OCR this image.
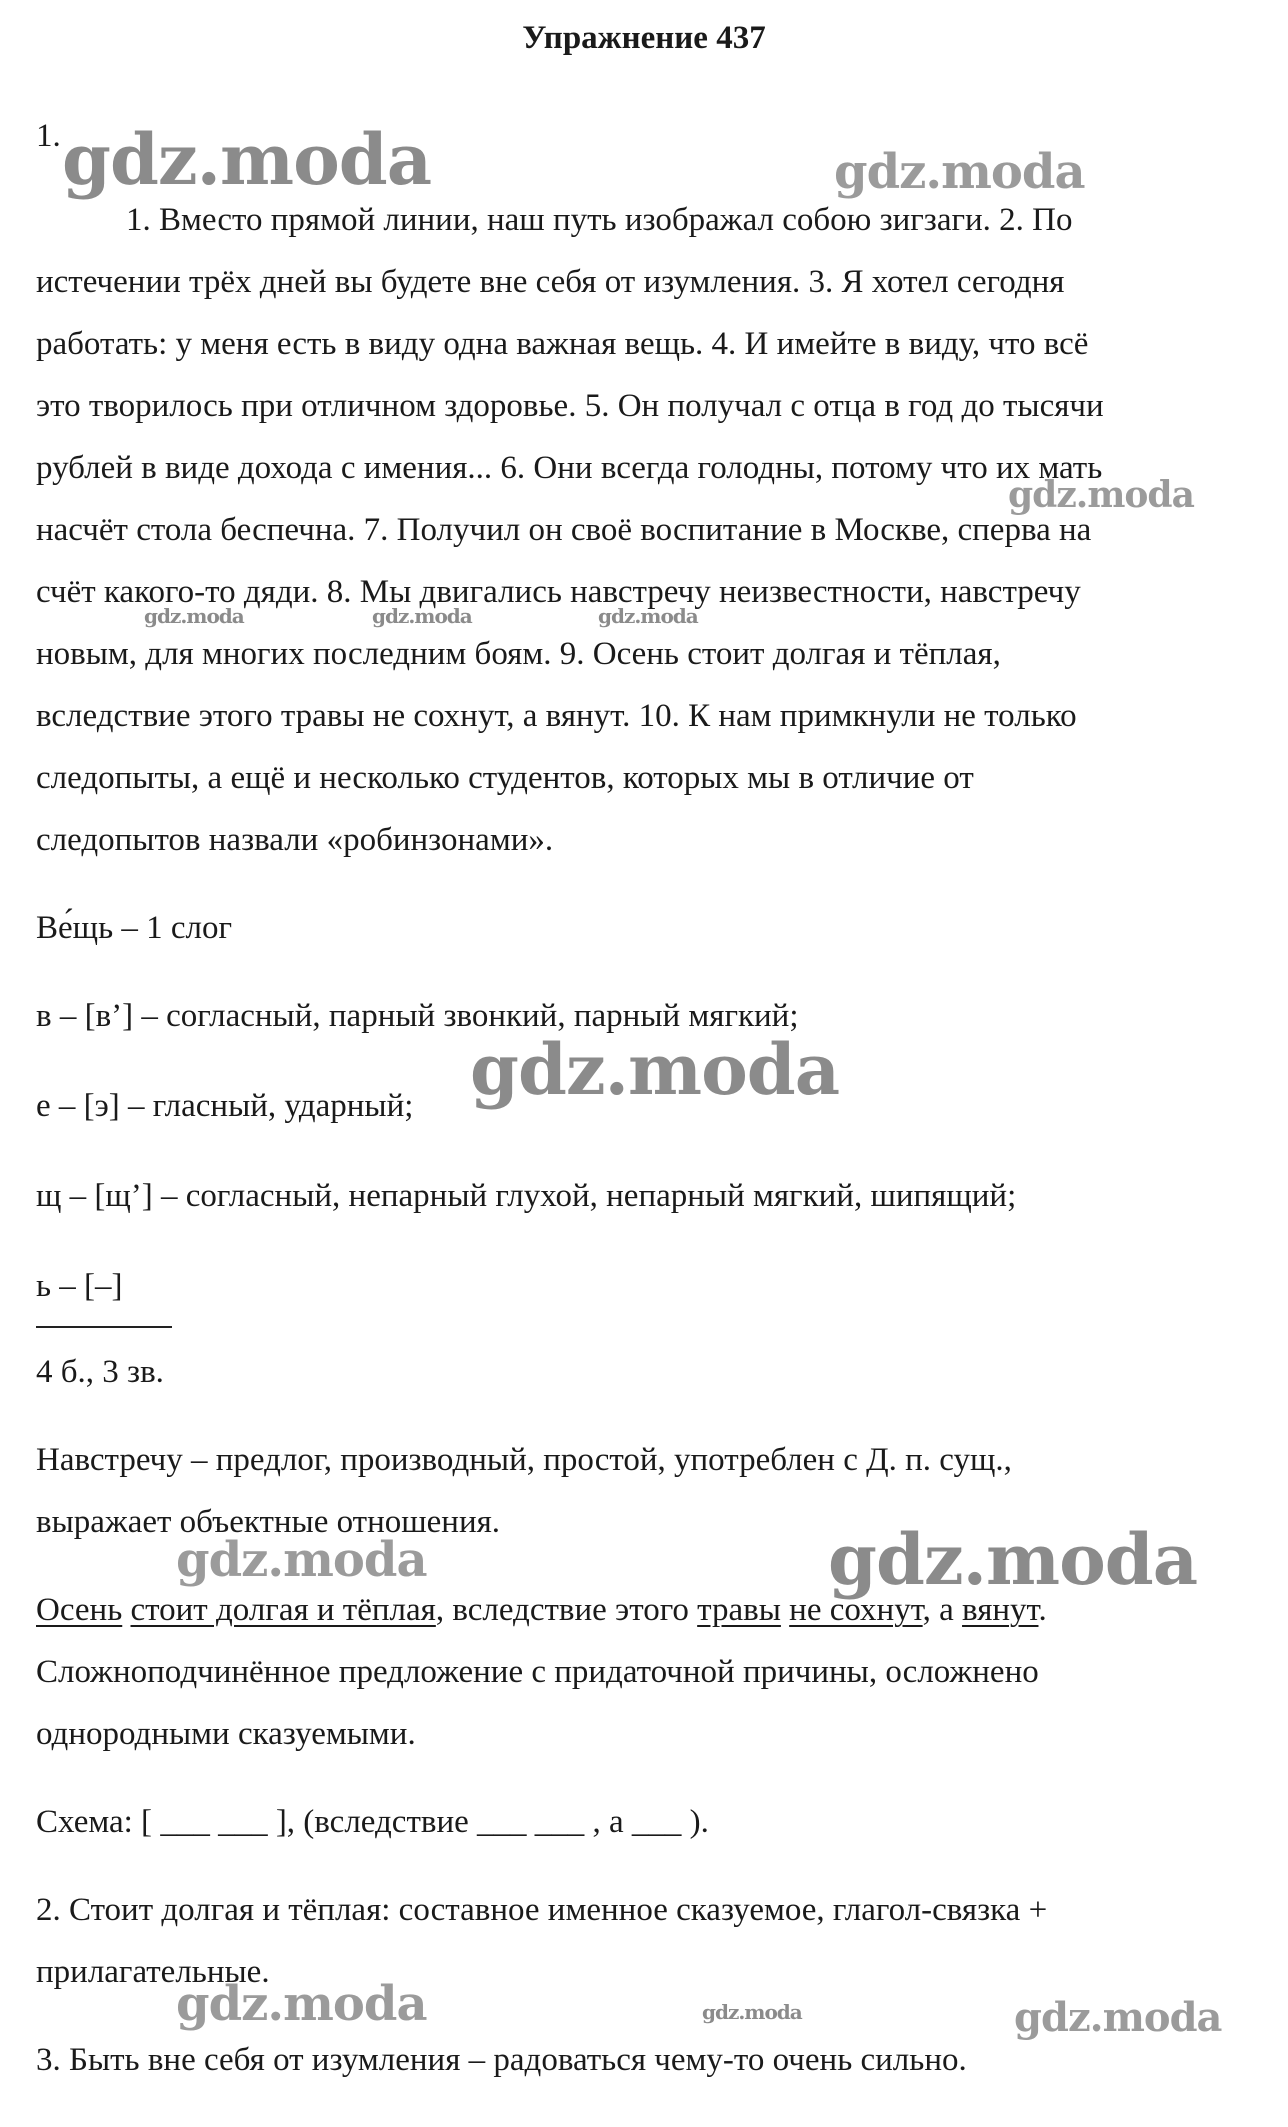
Упражнение 437
1.
1. Вместо прямой линии, наш путь изображал собою зигзаги. 2. По
истечении трёх дней вы будете вне себя от изумления. 3. Я хотел сегодня
работать: у меня есть в виду одна важная вещь. 4. И имейте в виду, что всё
это творилось при отличном здоровье. 5. Он получал с отца в год до тысячи
рублей в виде дохода с имения... 6. Они всегда голодны, потому что их мать
насчёт стола беспечна. 7. Получил он своё воспитание в Москве, сперва на
счёт какого-то дяди. 8. Мы двигались навстречу неизвестности, навстречу
новым, для многих последним боям. 9. Осень стоит долгая и тёплая,
вследствие этого травы не сохнут, а вянут. 10. К нам примкнули не только
следопыты, а ещё и несколько студентов, которых мы в отличие от
следопытов назвали «робинзонами».
Ве́щь – 1 слог
в – [в’] – согласный, парный звонкий, парный мягкий;
е – [э] – гласный, ударный;
щ – [щ’] – согласный, непарный глухой, непарный мягкий, шипящий;
ь – [–]
4 б., 3 зв.
Навстречу – предлог, производный, простой, употреблен с Д. п. сущ.,
выражает объектные отношения.
Осень стоит долгая и тёплая, вследствие этого травы не сохнут, а вянут.
Сложноподчинённое предложение с придаточной причины, осложнено
однородными сказуемыми.
Схема: [ ___ ___ ], (вследствие ___ ___ , а ___ ).
2. Стоит долгая и тёплая: составное именное сказуемое, глагол-связка +
прилагательные.
3. Быть вне себя от изумления – радоваться чему-то очень сильно.
gdz.moda	gdz.moda
gdz.moda
gdz.moda	gdz.moda	gdz.moda
gdz.moda
gdz.moda	gdz.moda
gdz.moda	gdz.moda	gdz.moda
